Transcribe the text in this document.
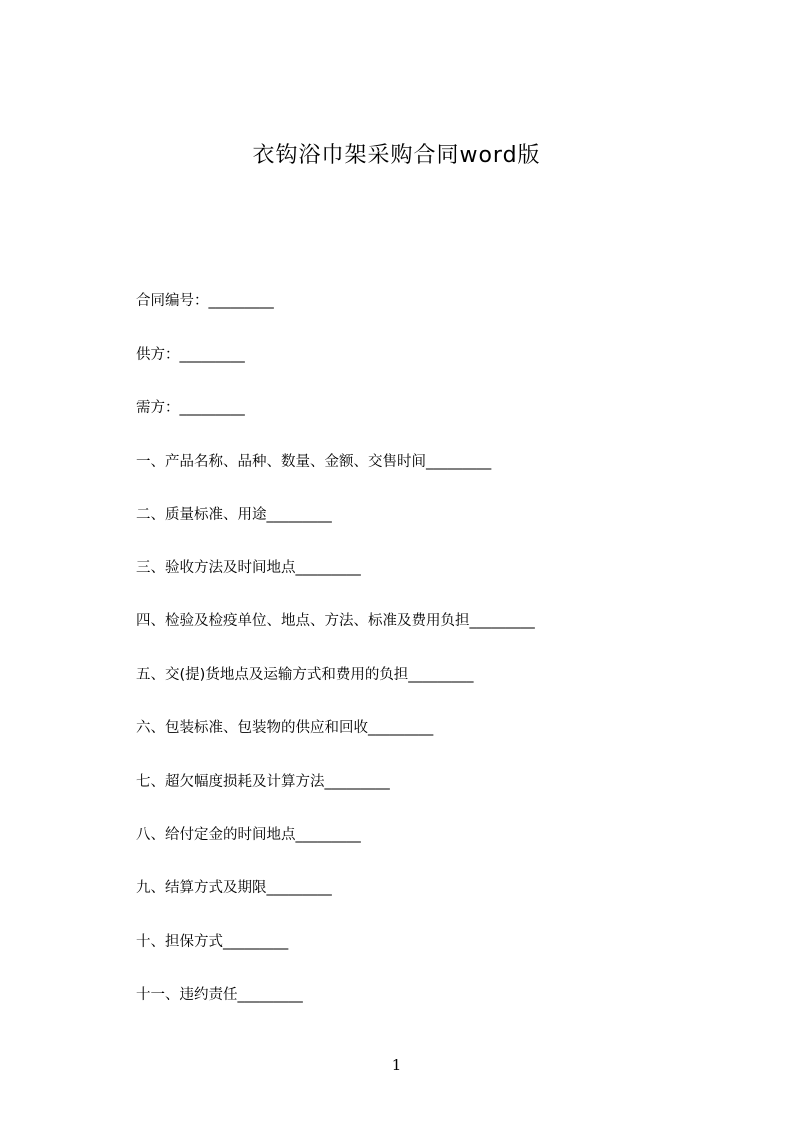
衣钩浴巾架采购合同word版
合同编号：_________
供方：_________
需方：_________
一、产品名称、品种、数量、金额、交售时间_________
二、质量标准、用途_________
三、验收方法及时间地点_________
四、检验及检疫单位、地点、方法、标准及费用负担_________
五、交(提)货地点及运输方式和费用的负担_________
六、包装标准、包装物的供应和回收_________
七、超欠幅度损耗及计算方法_________
八、给付定金的时间地点_________
九、结算方式及期限_________
十、担保方式_________
十一、违约责任_________
1
